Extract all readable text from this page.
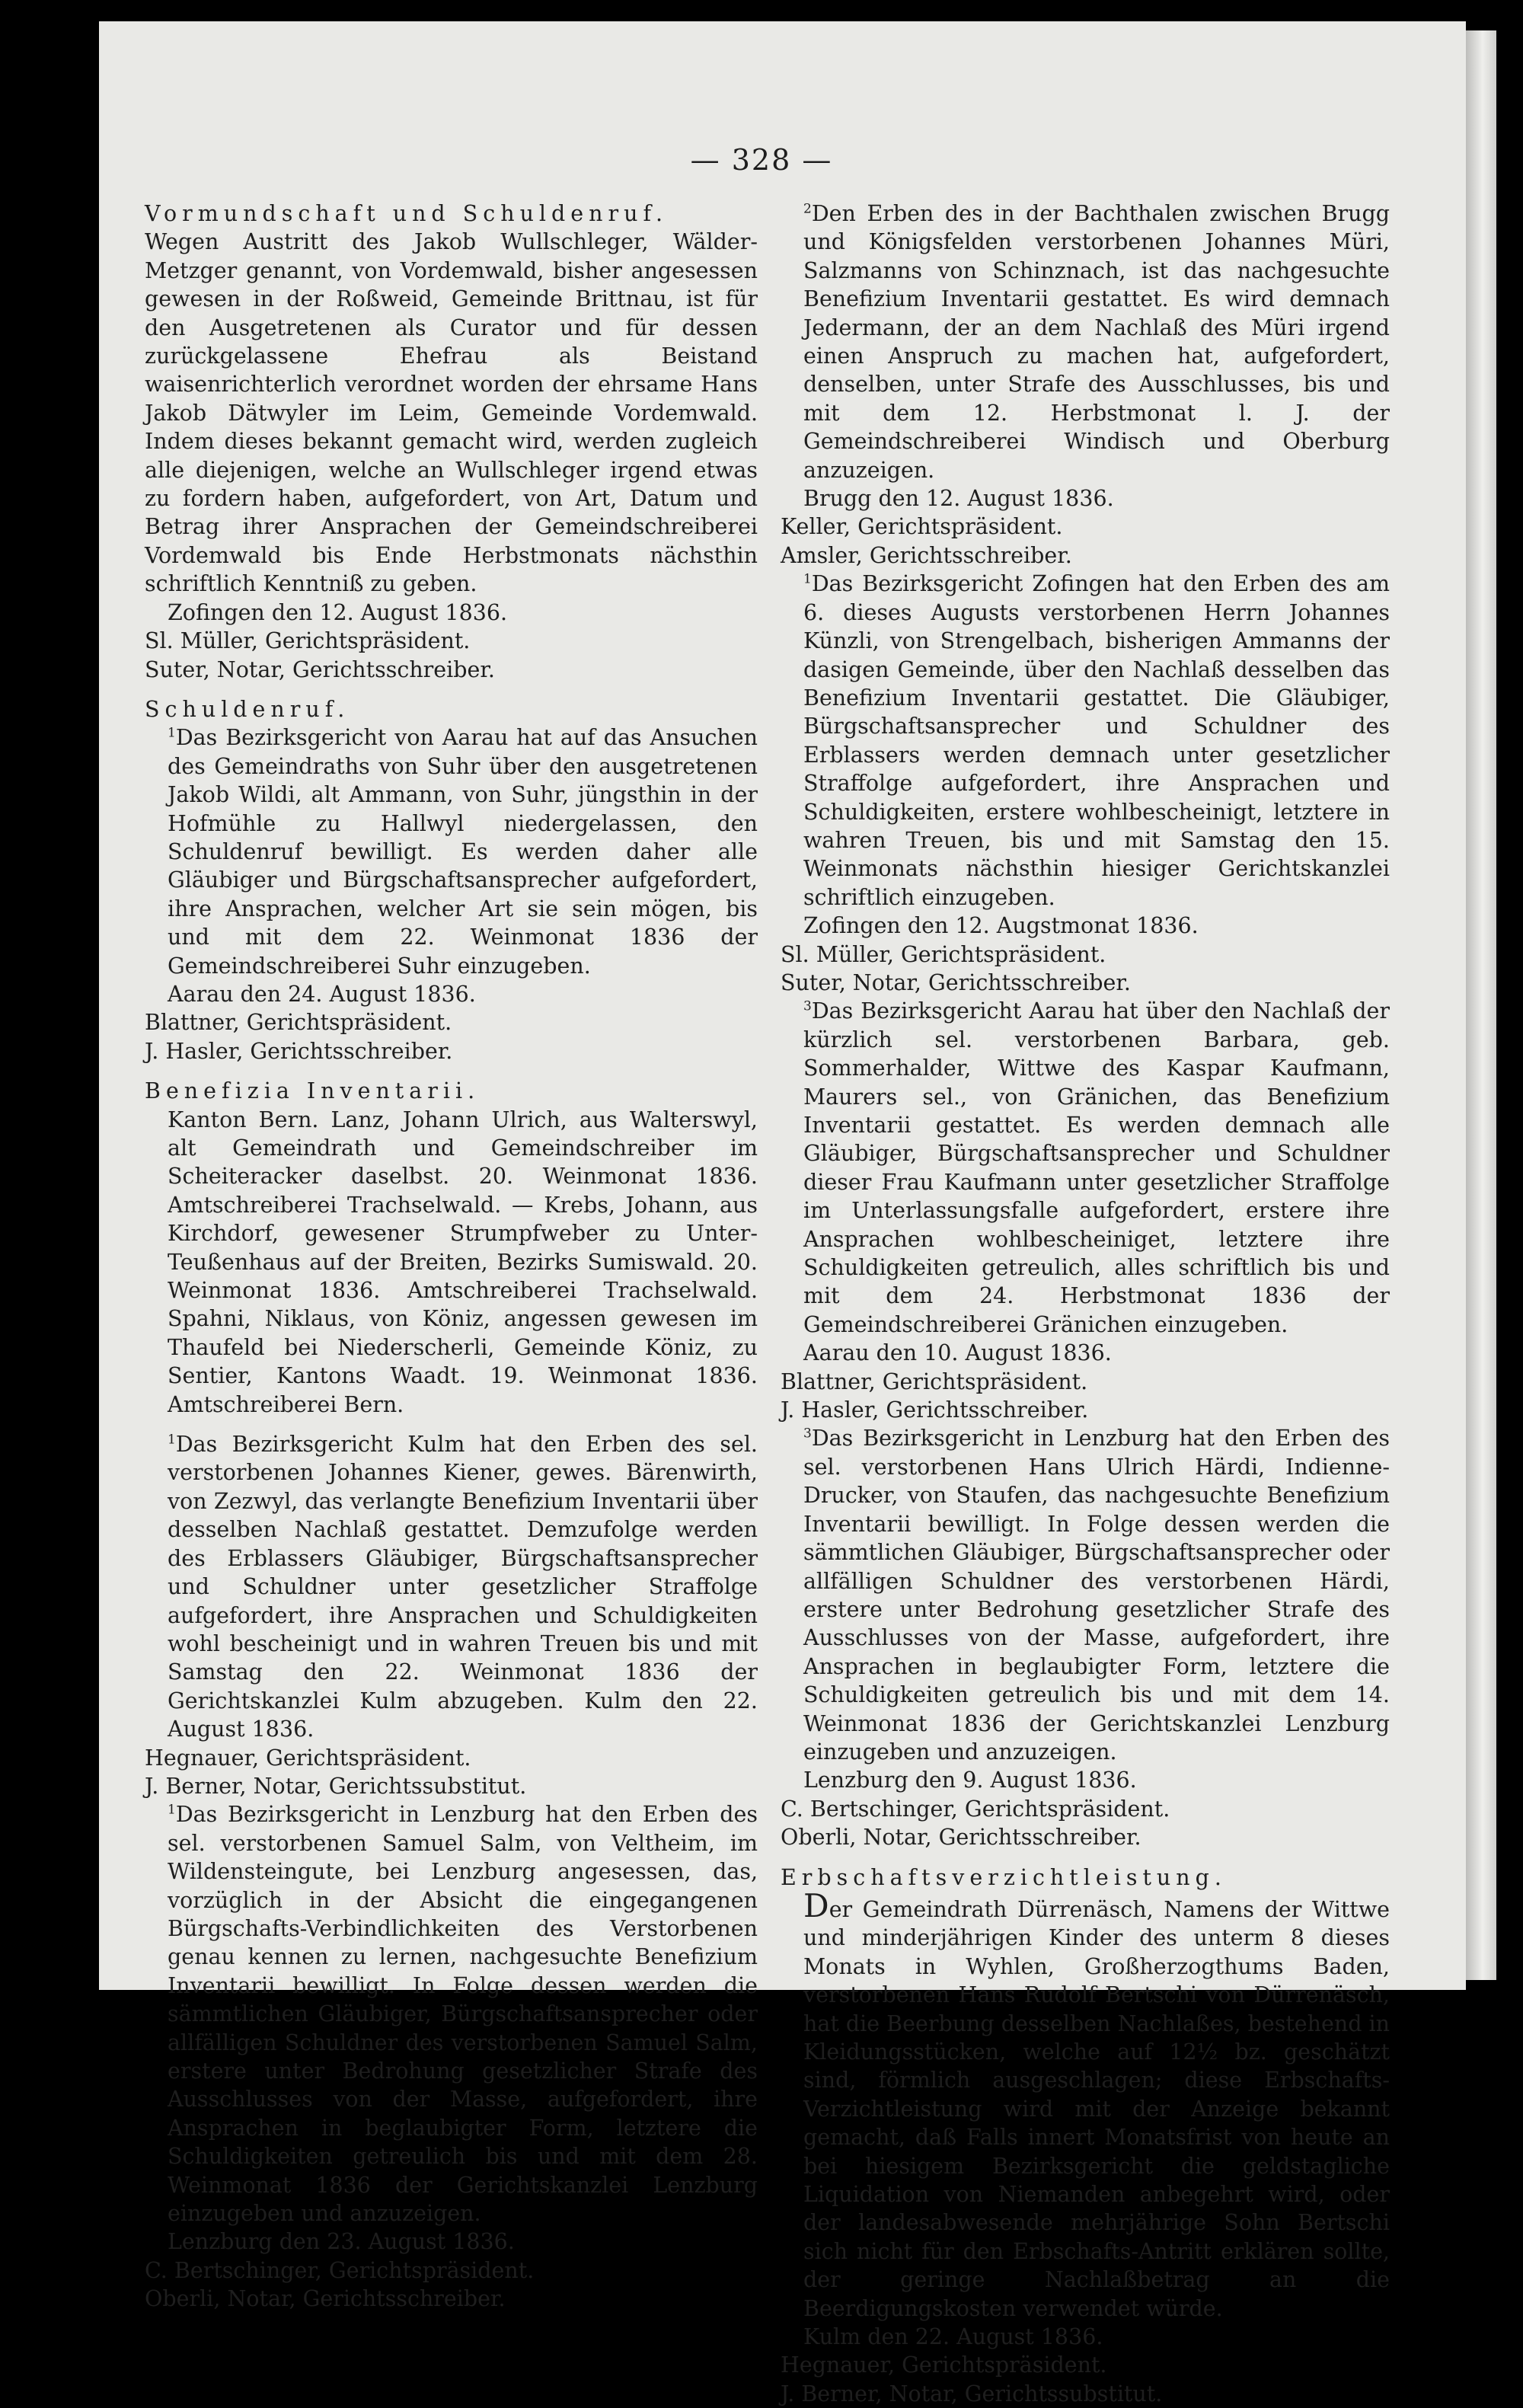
— 328 —

Vormundschaft und Schuldenruf.

Wegen Austritt des Jakob Wullschleger, Wälder-Metzger genannt, von Vordemwald, bisher angesessen gewesen in der Roßweid, Gemeinde Brittnau, ist für den Ausgetretenen als Curator und für dessen zurückgelassene Ehefrau als Beistand waisenrichterlich verordnet worden der ehrsame Hans Jakob Dätwyler im Leim, Gemeinde Vordemwald. Indem dieses bekannt gemacht wird, werden zugleich alle diejenigen, welche an Wullschleger irgend etwas zu fordern haben, aufgefordert, von Art, Datum und Betrag ihrer Ansprachen der Gemeindschreiberei Vordemwald bis Ende Herbstmonats nächsthin schriftlich Kenntniß zu geben.

Zofingen den 12. August 1836.

Sl. Müller, Gerichtspräsident.

Suter, Notar, Gerichtsschreiber.

Schuldenruf.

$^1$Das Bezirksgericht von Aarau hat auf das Ansuchen des Gemeindraths von Suhr über den ausgetretenen Jakob Wildi, alt Ammann, von Suhr, jüngsthin in der Hofmühle zu Hallwyl niedergelassen, den Schuldenruf bewilligt. Es werden daher alle Gläubiger und Bürgschaftsansprecher aufgefordert, ihre Ansprachen, welcher Art sie sein mögen, bis und mit dem 22. Weinmonat 1836 der Gemeindschreiberei Suhr einzugeben.

Aarau den 24. August 1836.

Blattner, Gerichtspräsident.

J. Hasler, Gerichtsschreiber.

Benefizia Inventarii.

Kanton Bern. Lanz, Johann Ulrich, aus Walterswyl, alt Gemeindrath und Gemeindschreiber im Scheiteracker daselbst. 20. Weinmonat 1836. Amtschreiberei Trachselwald. — Krebs, Johann, aus Kirchdorf, gewesener Strumpfweber zu Unter-Teußenhaus auf der Breiten, Bezirks Sumiswald. 20. Weinmonat 1836. Amtschreiberei Trachselwald. Spahni, Niklaus, von Köniz, angessen gewesen im Thaufeld bei Niederscherli, Gemeinde Köniz, zu Sentier, Kantons Waadt. 19. Weinmonat 1836. Amtschreiberei Bern.

$^1$Das Bezirksgericht Kulm hat den Erben des sel. verstorbenen Johannes Kiener, gewes. Bärenwirth, von Zezwyl, das verlangte Benefizium Inventarii über desselben Nachlaß gestattet. Demzufolge werden des Erblassers Gläubiger, Bürgschaftsansprecher und Schuldner unter gesetzlicher Straffolge aufgefordert, ihre Ansprachen und Schuldigkeiten wohl bescheinigt und in wahren Treuen bis und mit Samstag den 22. Weinmonat 1836 der Gerichtskanzlei Kulm abzugeben. Kulm den 22. August 1836.

Hegnauer, Gerichtspräsident.

J. Berner, Notar, Gerichtssubstitut.

$^1$Das Bezirksgericht in Lenzburg hat den Erben des sel. verstorbenen Samuel Salm, von Veltheim, im Wildensteingute, bei Lenzburg angesessen, das, vorzüglich in der Absicht die eingegangenen Bürgschafts-Verbindlichkeiten des Verstorbenen genau kennen zu lernen, nachgesuchte Benefizium Inventarii bewilligt. In Folge dessen werden die sämmtlichen Gläubiger, Bürgschaftsansprecher oder allfälligen Schuldner des verstorbenen Samuel Salm, erstere unter Bedrohung gesetzlicher Strafe des Ausschlusses von der Masse, aufgefordert, ihre Ansprachen in beglaubigter Form, letztere die Schuldigkeiten getreulich bis und mit dem 28. Weinmonat 1836 der Gerichtskanzlei Lenzburg einzugeben und anzuzeigen.

Lenzburg den 23. August 1836.

C. Bertschinger, Gerichtspräsident.

Oberli, Notar, Gerichtsschreiber.

$^2$Den Erben des in der Bachthalen zwischen Brugg und Königsfelden verstorbenen Johannes Müri, Salzmanns von Schinznach, ist das nachgesuchte Benefizium Inventarii gestattet. Es wird demnach Jedermann, der an dem Nachlaß des Müri irgend einen Anspruch zu machen hat, aufgefordert, denselben, unter Strafe des Ausschlusses, bis und mit dem 12. Herbstmonat l. J. der Gemeindschreiberei Windisch und Oberburg anzuzeigen.

Brugg den 12. August 1836.

Keller, Gerichtspräsident.

Amsler, Gerichtsschreiber.

$^1$Das Bezirksgericht Zofingen hat den Erben des am 6. dieses Augusts verstorbenen Herrn Johannes Künzli, von Strengelbach, bisherigen Ammanns der dasigen Gemeinde, über den Nachlaß desselben das Benefizium Inventarii gestattet. Die Gläubiger, Bürgschaftsansprecher und Schuldner des Erblassers werden demnach unter gesetzlicher Straffolge aufgefordert, ihre Ansprachen und Schuldigkeiten, erstere wohlbescheinigt, letztere in wahren Treuen, bis und mit Samstag den 15. Weinmonats nächsthin hiesiger Gerichtskanzlei schriftlich einzugeben.

Zofingen den 12. Augstmonat 1836.

Sl. Müller, Gerichtspräsident.

Suter, Notar, Gerichtsschreiber.

$^3$Das Bezirksgericht Aarau hat über den Nachlaß der kürzlich sel. verstorbenen Barbara, geb. Sommerhalder, Wittwe des Kaspar Kaufmann, Maurers sel., von Gränichen, das Benefizium Inventarii gestattet. Es werden demnach alle Gläubiger, Bürgschaftsansprecher und Schuldner dieser Frau Kaufmann unter gesetzlicher Straffolge im Unterlassungsfalle aufgefordert, erstere ihre Ansprachen wohlbescheiniget, letztere ihre Schuldigkeiten getreulich, alles schriftlich bis und mit dem 24. Herbstmonat 1836 der Gemeindschreiberei Gränichen einzugeben.

Aarau den 10. August 1836.

Blattner, Gerichtspräsident.

J. Hasler, Gerichtsschreiber.

$^3$Das Bezirksgericht in Lenzburg hat den Erben des sel. verstorbenen Hans Ulrich Härdi, Indienne-Drucker, von Staufen, das nachgesuchte Benefizium Inventarii bewilligt. In Folge dessen werden die sämmtlichen Gläubiger, Bürgschaftsansprecher oder allfälligen Schuldner des verstorbenen Härdi, erstere unter Bedrohung gesetzlicher Strafe des Ausschlusses von der Masse, aufgefordert, ihre Ansprachen in beglaubigter Form, letztere die Schuldigkeiten getreulich bis und mit dem 14. Weinmonat 1836 der Gerichtskanzlei Lenzburg einzugeben und anzuzeigen.

Lenzburg den 9. August 1836.

C. Bertschinger, Gerichtspräsident.

Oberli, Notar, Gerichtsschreiber.

Erbschaftsverzichtleistung.

Der Gemeindrath Dürrenäsch, Namens der Wittwe und minderjährigen Kinder des unterm 8 dieses Monats in Wyhlen, Großherzogthums Baden, verstorbenen Hans Rudolf Bertschi von Dürrenäsch, hat die Beerbung desselben Nachlaßes, bestehend in Kleidungsstücken, welche auf 12½ bz. geschätzt sind, förmlich ausgeschlagen; diese Erbschafts-Verzichtleistung wird mit der Anzeige bekannt gemacht, daß Falls innert Monatsfrist von heute an bei hiesigem Bezirksgericht die geldstagliche Liquidation von Niemanden anbegehrt wird, oder der landesabwesende mehrjährige Sohn Bertschi sich nicht für den Erbschafts-Antritt erklären sollte, der geringe Nachlaßbetrag an die Beerdigungskosten verwendet würde.

Kulm den 22. August 1836.

Hegnauer, Gerichtspräsident.

J. Berner, Notar, Gerichtssubstitut.
